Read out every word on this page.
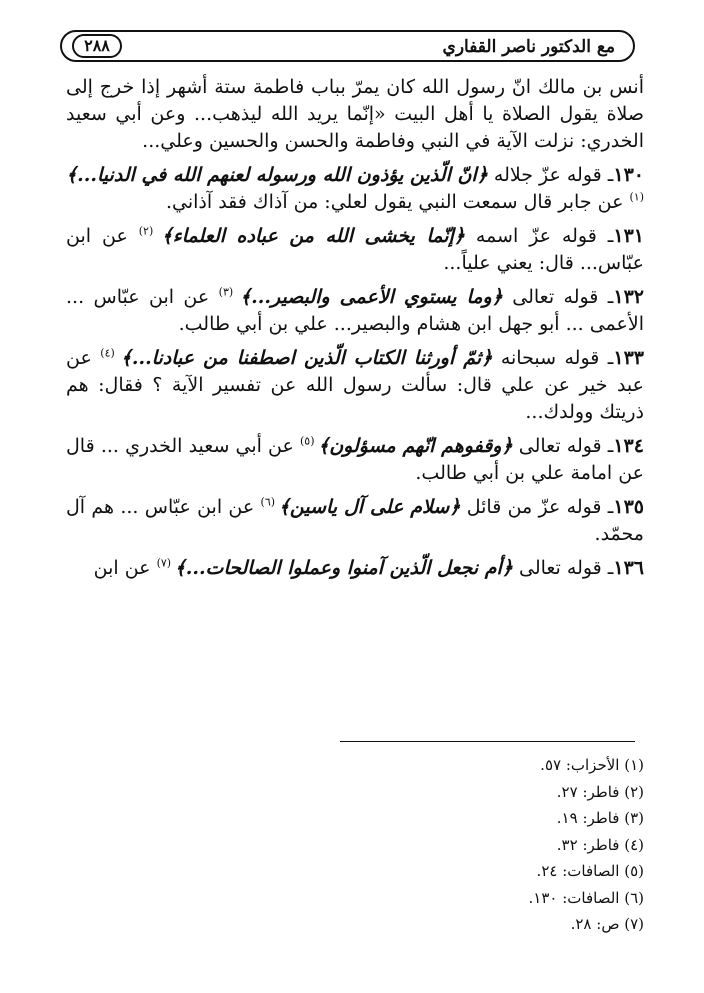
مع الدكتور ناصر القفاري
٢٨٨

أنس بن مالك انّ رسول الله كان يمرّ بباب فاطمة ستة أشهر إذا خرج إلى صلاة يقول الصلاة يا أهل البيت «إنّما يريد الله ليذهب... وعن أبي سعيد الخدري: نزلت الآية في النبي وفاطمة والحسن والحسين وعلي...

١٣٠ـ قوله عزّ جلاله ﴿انّ الّذين يؤذون الله ورسوله لعنهم الله في الدنيا...﴾ $^{(١)}$ عن جابر قال سمعت النبي يقول لعلي: من آذاك فقد آذاني.

١٣١ـ قوله عزّ اسمه ﴿إنّما يخشى الله من عباده العلماء﴾ $^{(٢)}$ عن ابن عبّاس... قال: يعني علياً...

١٣٢ـ قوله تعالى ﴿وما يستوي الأعمى والبصير...﴾ $^{(٣)}$ عن ابن عبّاس ... الأعمى ... أبو جهل ابن هشام والبصير... علي بن أبي طالب.

١٣٣ـ قوله سبحانه ﴿ثمّ أورثنا الكتاب الّذين اصطفنا من عبادنا...﴾ $^{(٤)}$ عن عبد خير عن علي قال: سألت رسول الله عن تفسير الآية ؟ فقال: هم ذريتك وولدك...

١٣٤ـ قوله تعالى ﴿وقفوهم انّهم مسؤلون﴾ $^{(٥)}$ عن أبي سعيد الخدري ... قال عن امامة علي بن أبي طالب.

١٣٥ـ قوله عزّ من قائل ﴿سلام على آل ياسين﴾ $^{(٦)}$ عن ابن عبّاس ... هم آل محمّد.

١٣٦ـ قوله تعالى ﴿أم نجعل الّذين آمنوا وعملوا الصالحات...﴾ $^{(٧)}$ عن ابن

(١) الأحزاب: ٥٧.
(٢) فاطر: ٢٧.
(٣) فاطر: ١٩.
(٤) فاطر: ٣٢.
(٥) الصافات: ٢٤.
(٦) الصافات: ١٣٠.
(٧) ص: ٢٨.
